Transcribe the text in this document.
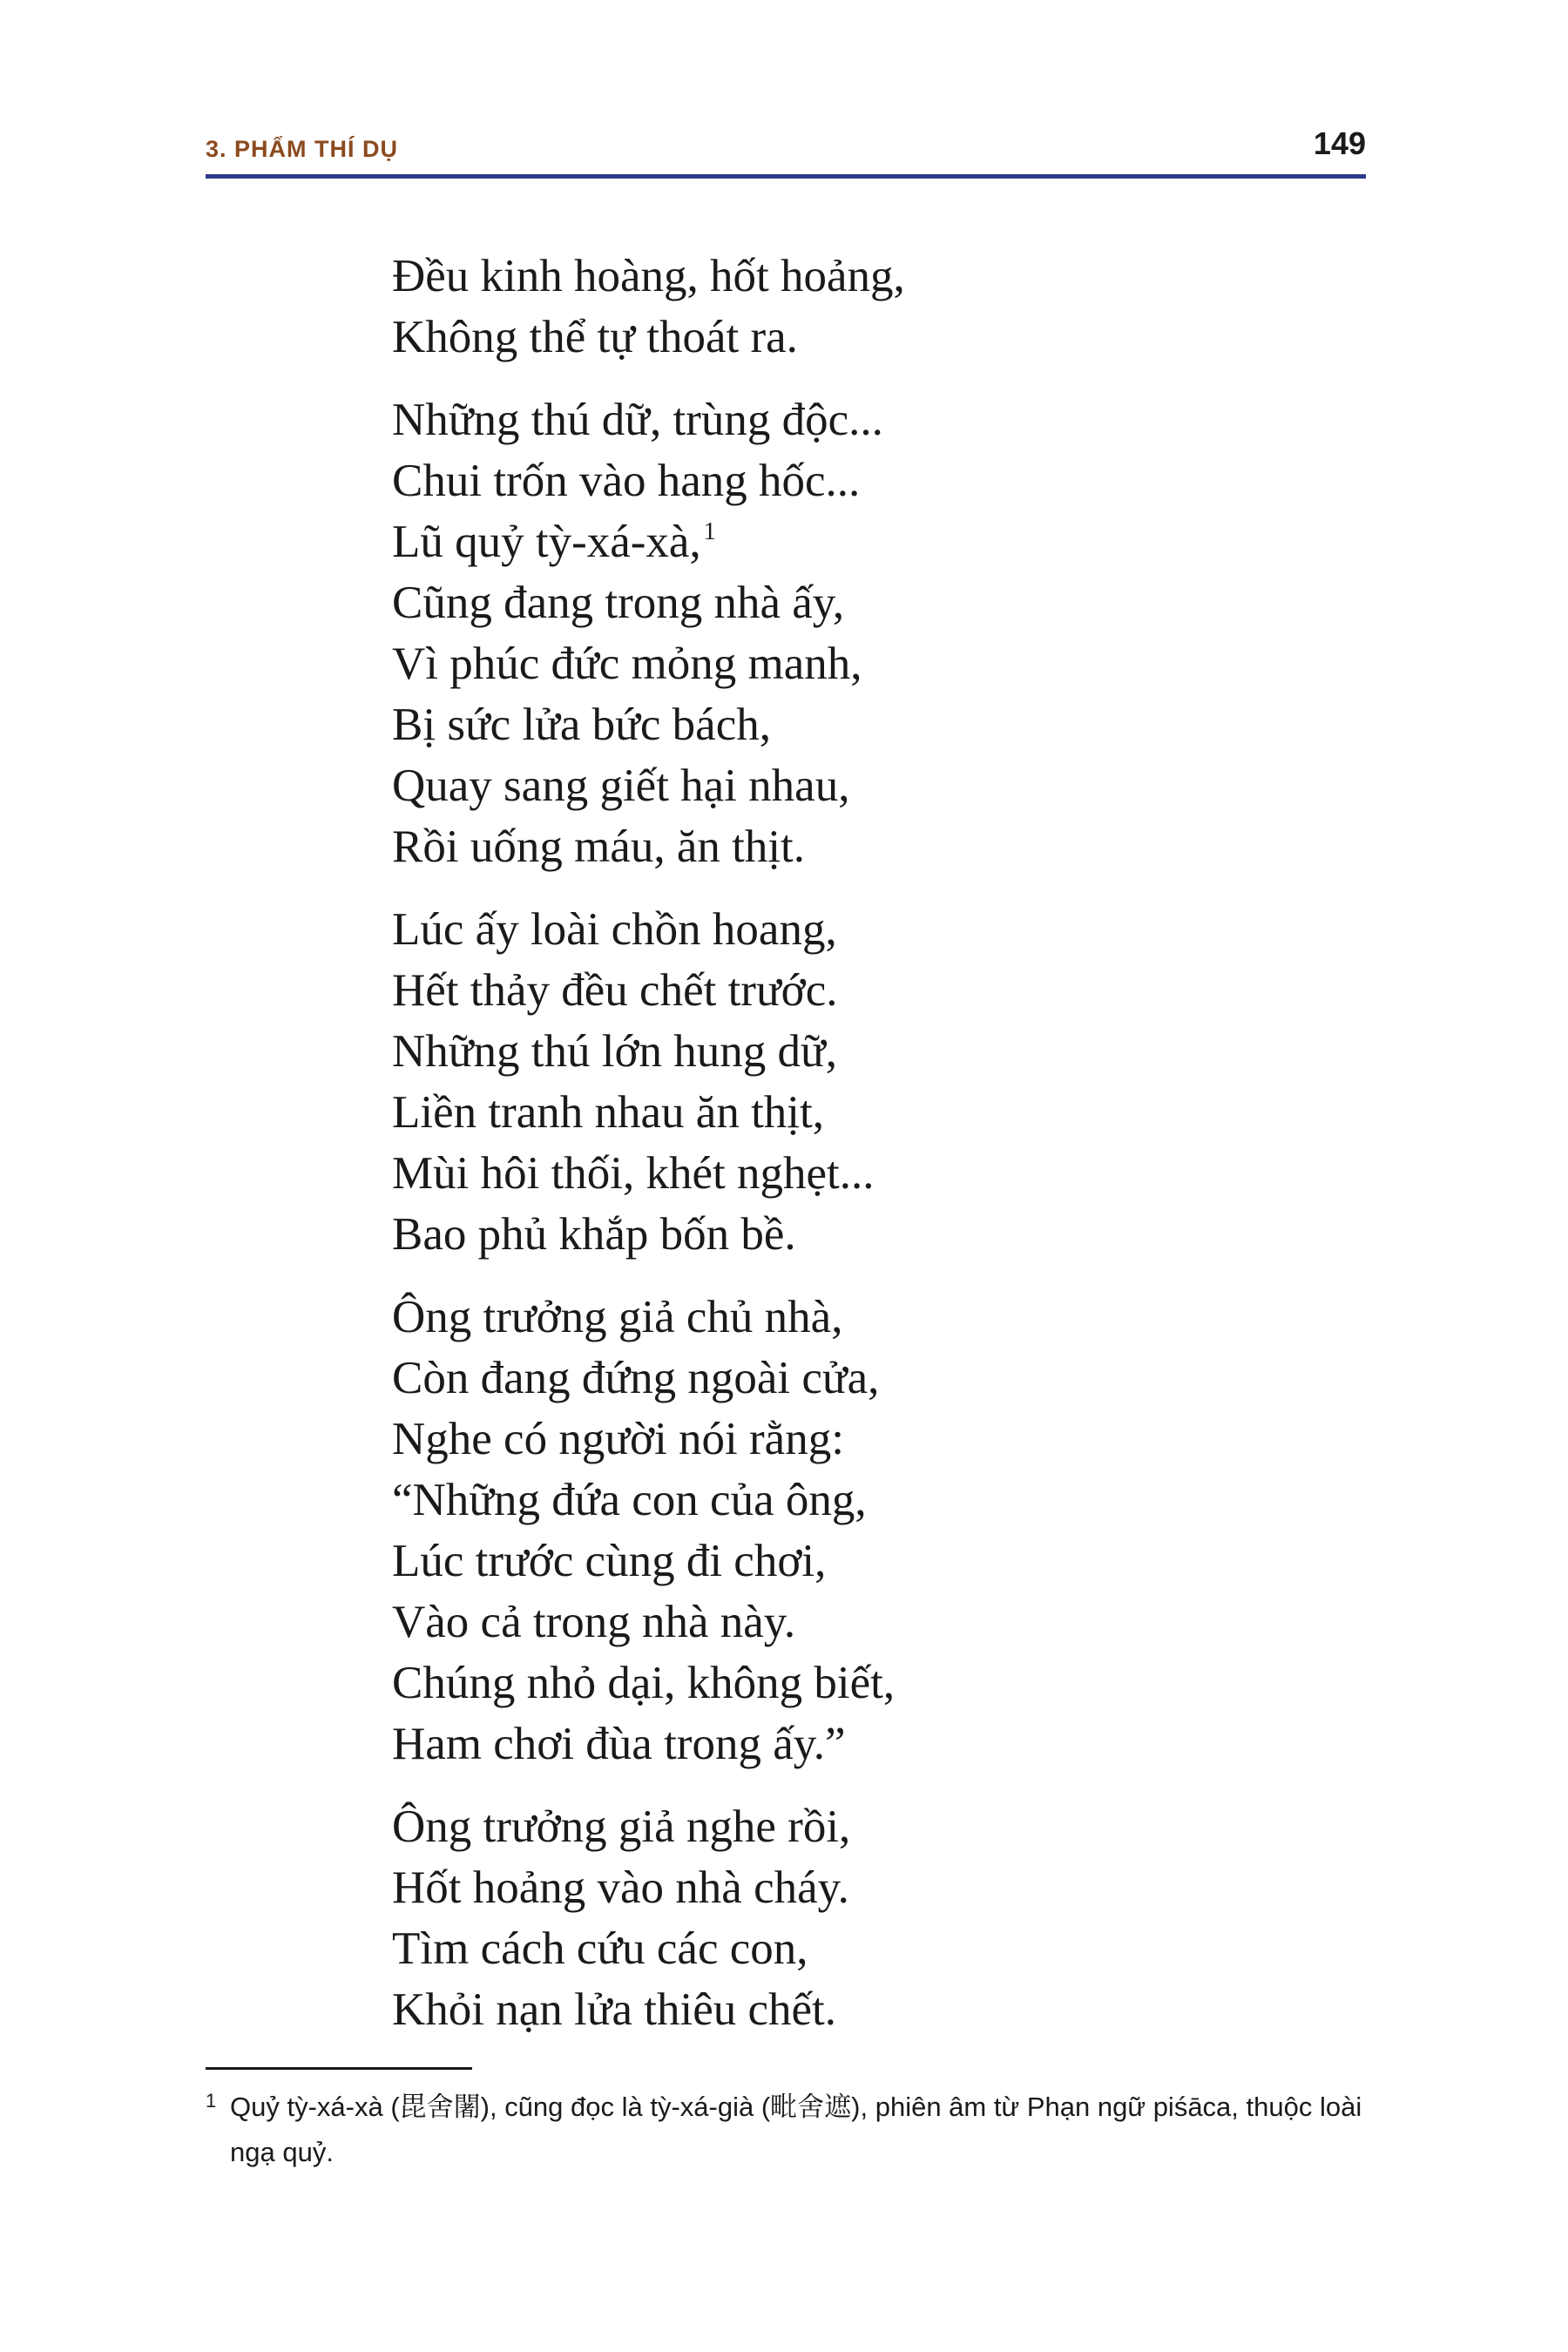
3. PHẨM THÍ DỤ	149
Đều kinh hoàng, hốt hoảng,
Không thể tự thoát ra.
Những thú dữ, trùng độc...
Chui trốn vào hang hốc...
Lũ quỷ tỳ-xá-xà, $^1$
Cũng đang trong nhà ấy,
Vì phúc đức mỏng manh,
Bị sức lửa bức bách,
Quay sang giết hại nhau,
Rồi uống máu, ăn thịt.
Lúc ấy loài chồn hoang,
Hết thảy đều chết trước.
Những thú lớn hung dữ,
Liền tranh nhau ăn thịt,
Mùi hôi thối, khét nghẹt...
Bao phủ khắp bốn bề.
Ông trưởng giả chủ nhà,
Còn đang đứng ngoài cửa,
Nghe có người nói rằng:
“Những đứa con của ông,
Lúc trước cùng đi chơi,
Vào cả trong nhà này.
Chúng nhỏ dại, không biết,
Ham chơi đùa trong ấy.”
Ông trưởng giả nghe rồi,
Hốt hoảng vào nhà cháy.
Tìm cách cứu các con,
Khỏi nạn lửa thiêu chết.
1 Quỷ tỳ-xá-xà (毘舍闍), cũng đọc là tỳ-xá-già (毗舍遮), phiên âm từ Phạn ngữ piśāca, thuộc loài ngạ quỷ.
